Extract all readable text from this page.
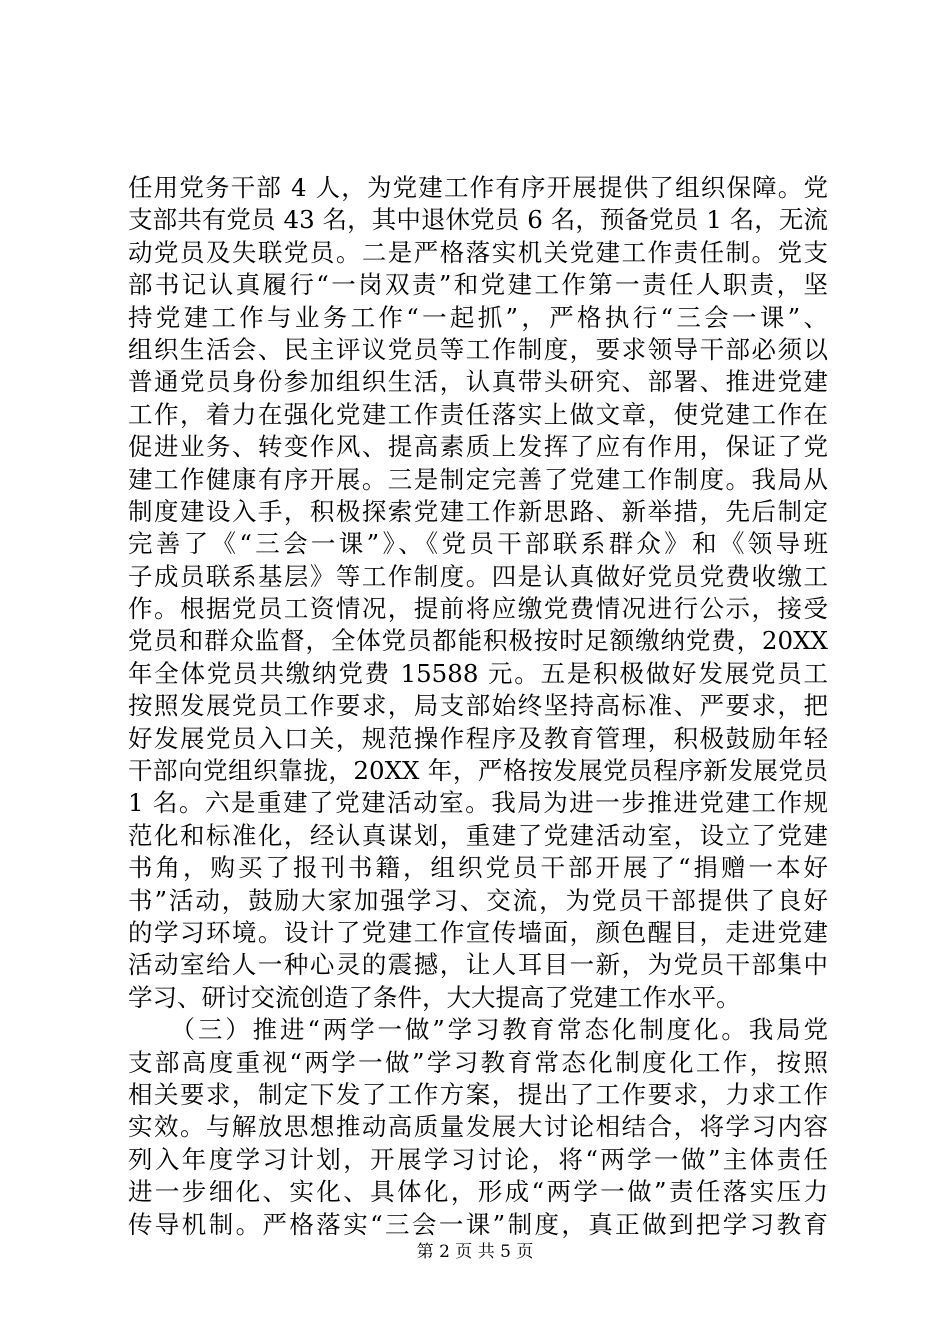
任用党务干部 4 人，为党建工作有序开展提供了组织保障。党
支部共有党员 43 名，其中退休党员 6 名，预备党员 1 名，无流
动党员及失联党员。二是严格落实机关党建工作责任制。党支
部书记认真履行“一岗双责”和党建工作第一责任人职责，坚
持党建工作与业务工作“一起抓”，严格执行“三会一课”、
组织生活会、民主评议党员等工作制度，要求领导干部必须以
普通党员身份参加组织生活，认真带头研究、部署、推进党建
工作，着力在强化党建工作责任落实上做文章，使党建工作在
促进业务、转变作风、提高素质上发挥了应有作用，保证了党
建工作健康有序开展。三是制定完善了党建工作制度。我局从
制度建设入手，积极探索党建工作新思路、新举措，先后制定
完善了《“三会一课”》、《党员干部联系群众》和《领导班
子成员联系基层》等工作制度。四是认真做好党员党费收缴工
作。根据党员工资情况，提前将应缴党费情况进行公示，接受
党员和群众监督，全体党员都能积极按时足额缴纳党费，20XX
年全体党员共缴纳党费 15588 元。五是积极做好发展党员工
按照发展党员工作要求，局支部始终坚持高标准、严要求，把
好发展党员入口关，规范操作程序及教育管理，积极鼓励年轻
干部向党组织靠拢，20XX 年，严格按发展党员程序新发展党员
1 名。六是重建了党建活动室。我局为进一步推进党建工作规
范化和标准化，经认真谋划，重建了党建活动室，设立了党建
书角，购买了报刊书籍，组织党员干部开展了“捐赠一本好
书”活动，鼓励大家加强学习、交流，为党员干部提供了良好
的学习环境。设计了党建工作宣传墙面，颜色醒目，走进党建
活动室给人一种心灵的震撼，让人耳目一新，为党员干部集中
学习、研讨交流创造了条件，大大提高了党建工作水平。
　　（三）推进“两学一做”学习教育常态化制度化。我局党
支部高度重视“两学一做”学习教育常态化制度化工作，按照
相关要求，制定下发了工作方案，提出了工作要求，力求工作
实效。与解放思想推动高质量发展大讨论相结合，将学习内容
列入年度学习计划，开展学习讨论，将“两学一做”主体责任
进一步细化、实化、具体化，形成“两学一做”责任落实压力
传导机制。严格落实“三会一课”制度，真正做到把学习教育
第 2 页 共 5 页
